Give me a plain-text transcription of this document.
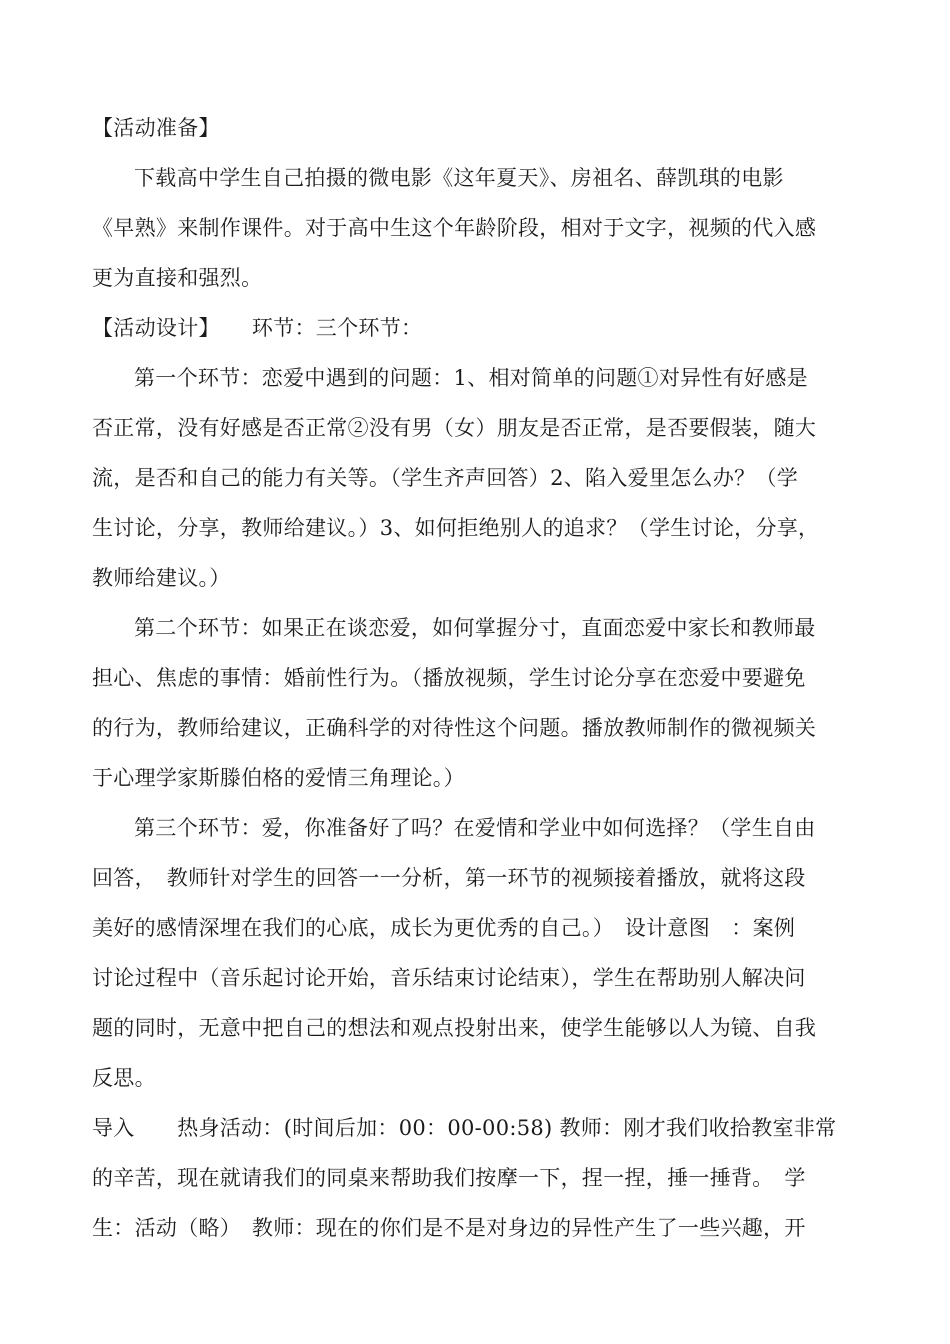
【活动准备】
下载高中学生自己拍摄的微电影《这年夏天》、房祖名、薛凯琪的电影
《早熟》来制作课件。对于高中生这个年龄阶段，相对于文字，视频的代入感
更为直接和强烈。
【活动设计】　　环节：三个环节：
第一个环节：恋爱中遇到的问题：1、相对简单的问题①对异性有好感是
否正常，没有好感是否正常②没有男（女）朋友是否正常，是否要假装，随大
流，是否和自己的能力有关等。（学生齐声回答）2、陷入爱里怎么办？（学
生讨论，分享，教师给建议。）3、如何拒绝别人的追求？（学生讨论，分享，
教师给建议。）
第二个环节：如果正在谈恋爱，如何掌握分寸，直面恋爱中家长和教师最
担心、焦虑的事情：婚前性行为。（播放视频，学生讨论分享在恋爱中要避免
的行为，教师给建议，正确科学的对待性这个问题。播放教师制作的微视频关
于心理学家斯滕伯格的爱情三角理论。）
第三个环节：爱，你准备好了吗？在爱情和学业中如何选择？（学生自由
回答，　教师针对学生的回答一一分析，第一环节的视频接着播放，就将这段
美好的感情深埋在我们的心底，成长为更优秀的自己。）　设计意图　：案例
讨论过程中（音乐起讨论开始，音乐结束讨论结束），学生在帮助别人解决问
题的同时，无意中把自己的想法和观点投射出来，使学生能够以人为镜、自我
反思。
导入　　热身活动：(时间后加：00：00-00:58) 教师：刚才我们收拾教室非常
的辛苦，现在就请我们的同桌来帮助我们按摩一下，捏一捏，捶一捶背。　学
生：活动（略）　教师：现在的你们是不是对身边的异性产生了一些兴趣，开
